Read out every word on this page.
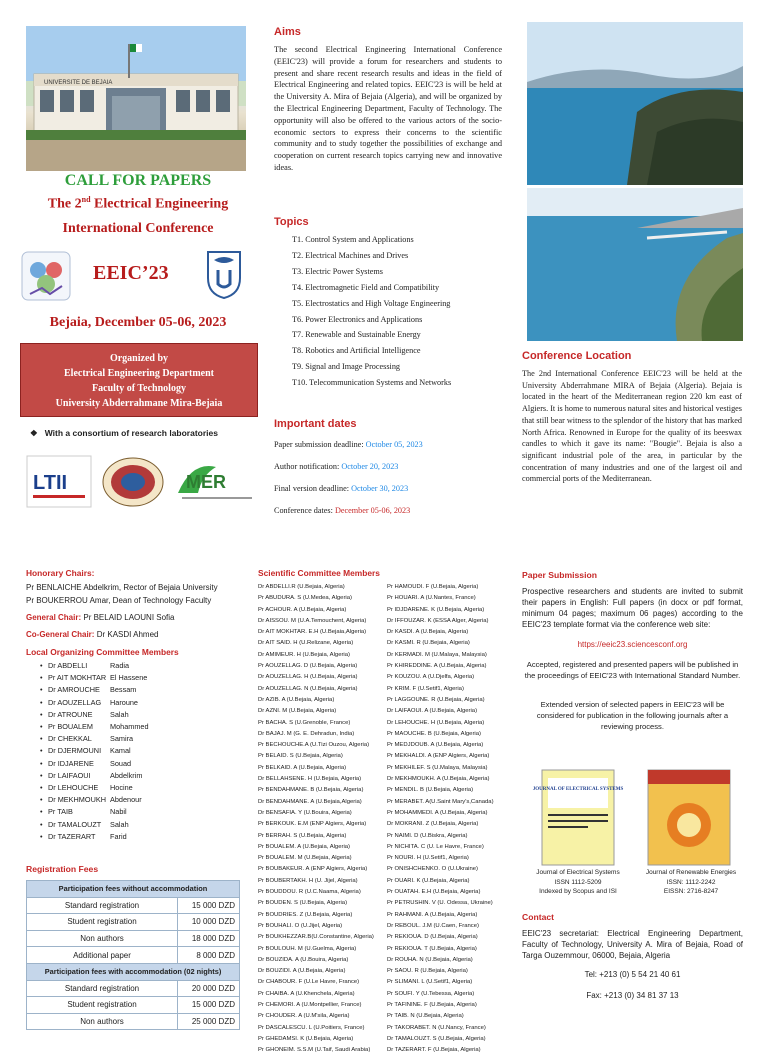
UNIVERSITE DE BEJAIA
CALL FOR PAPERS
The 2nd Electrical Engineering
International Conference
EEIC’23
Bejaia, December 05-06, 2023
Organized by
Electrical Engineering Department
Faculty of Technology
University Abderrahmane Mira-Bejaia
❖ With a consortium of research laboratories
LTII	MER
Aims

The second Electrical Engineering International Conference (EEIC'23) will provide a forum for researchers and students to present and share recent research results and ideas in the field of Electrical Engineering and related topics. EEIC'23 is will be held at the University A. Mira of Bejaia (Algeria), and will be organized by the Electrical Engineering Department, Faculty of Technology. The opportunity will also be offered to the various actors of the socio-economic sectors to express their concerns to the scientific community and to study together the possibilities of exchange and cooperation on current research topics carrying new and innovative ideas.

Topics
T1. Control System and Applications
T2. Electrical Machines and Drives
T3. Electric Power Systems
T4. Electromagnetic Field and Compatibility
T5. Electrostatics and High Voltage Engineering
T6. Power Electronics and Applications
T7. Renewable and Sustainable Energy
T8. Robotics and Artificial Intelligence
T9. Signal and Image Processing
T10. Telecommunication Systems and Networks
Important dates
Paper submission deadline: October 05, 2023
Author notification: October 20, 2023
Final version deadline: October 30, 2023
Conference dates: December 05-06, 2023
Conference Location

The 2nd International Conference EEIC'23 will be held at the University Abderrahmane MIRA of Bejaia (Algeria). Bejaia is located in the heart of the Mediterranean region 220 km east of Algiers. It is home to numerous natural sites and historical vestiges that still bear witness to the splendor of the history that has marked North Africa. Renowned in Europe for the quality of its beeswax candles to which it gave its name: "Bougie". Bejaia is also a significant industrial pole of the area, in particular by the concentration of many industries and one of the largest oil and commercial ports of the Mediterranean.

Honorary Chairs:
Pr BENLAICHE Abdelkrim, Rector of Bejaia University
Pr BOUKERROU Amar, Dean of Technology Faculty
General Chair: Pr BELAID LAOUNI Sofia
Co-General Chair: Dr KASDI Ahmed
Local Organizing Committee Members
• Dr ABDELLI	Radia
• Pr AIT MOKHTAR El Hassene
• Dr AMROUCHE Bessam
• Dr AOUZELLAG Haroune
• Dr ATROUNE Salah
• Pr BOUALEM Mohammed
• Dr CHEKKAL Samira
• Dr DJERMOUNI Kamal
• Dr IDJARENE Souad
• Dr LAIFAOUI	Abdelkrim
• Dr LEHOUCHE Hocine
• Dr MEKHMOUKH Abdenour
• Pr TAIB	Nabil
• Dr TAMALOUZT Salah
• Dr TAZERART Farid
Registration Fees
Participation fees without accommodation	
Standard registration	15 000 DZD
Student registration	10 000 DZD
Non authors	18 000 DZD
Additional paper	8 000 DZD
Participation fees with accommodation (02 nights)	
Standard registration	20 000 DZD
Student registration	15 000 DZD
Non authors	25 000 DZD
Scientific Committee Members
Dr ABDELLI.R (U.Bejaia, Algeria)
Pr ABUDURA. S (U.Medea, Algeria)
Pr ACHOUR. A (U.Bejaia, Algeria)
Dr AISSOU. M (U.A.Temouchent, Algeria)
Dr AIT MOKHTAR. E.H (U.Bejaia,Algeria)
Dr AIT SAID. H (U.Relizane, Algeria)
Dr AMIMEUR. H (U.Bejaia, Algeria)
Pr AOUZELLAG. D (U.Bejaia, Algeria)
Dr AOUZELLAG. H (U.Bejaia, Algeria)
Dr AOUZELLAG. N (U.Bejaia, Algeria)
Dr AZIB. A (U.Bejaia, Algeria)
Dr AZNI. M (U.Bejaia, Algeria)
Pr BACHA. S (U.Grenoble, France)
Dr BAJAJ. M (G. E. Dehradun, India)
Pr BECHOUCHE.A (U.Tizi Ouzou, Algeria)
Pr BELAID. S (U.Bejaia, Algeria)
Pr BELKAID. A (U.Bejaia, Algeria)
Dr BELLAHSENE. H (U.Bejaia, Algeria)
Pr BENDAHMANE. B (U.Bejaia, Algeria)
Dr BENDAHMANE. A (U.Bejaia,Algeria)
Dr BENSAFIA. Y (U.Bouira, Algeria)
Pr BERKOUK. E.M (ENP Algiers, Algeria)
Pr BERRAH. S (U.Bejaia, Algeria)
Pr BOUALEM. A (U.Bejaia, Algeria)
Pr BOUALEM. M (U.Bejaia, Algeria)
Pr BOUBAKEUR. A (ENP Algiers, Algeria)
Pr BOUBERTAKH. H (U. Jijel, Algeria)
Pr BOUDDOU. R (U.C.Naama, Algeria)
Pr BOUDEN. S (U.Bejaia, Algeria)
Pr BOUDRIES. Z (U.Bejaia, Algeria)
Pr BOUHALI. O (U.Jijel, Algeria)
Pr BOUKHEZZAR.B(U.Constantine, Algeria)
Pr BOULOUH. M (U.Guelma, Algeria)
Dr BOUZIDA. A (U.Bouira, Algeria)
Dr BOUZIDI. A (U.Bejaia, Algeria)
Dr CHABOUR. F (U.Le Havre, France)
Pr CHAIBA. A (U.Khenchela, Algeria)
Pr CHEMORI. A (U.Montpellier, France)
Pr CHOUDER. A (U.M'sila, Algeria)
Pr DASCALESCU. L (U.Poitiers, France)
Pr GHEDAMSI. K (U.Bejaia, Algeria)
Pr GHONEIM. S.S.M (U.Taif, Saudi Arabia)
Pr HAMOUDI. F (U.Bejaia, Algeria)
Pr HOUARI. A (U.Nantes, France)
Pr IDJDARENE. K (U.Bejaia, Algeria)
Dr IFFOUZAR. K (ESSA Alger, Algeria)
Dr KASDI. A (U.Bejaia, Algeria)
Dr KASMI. R (U.Bejaia, Algeria)
Dr KERMADI. M (U.Malaya, Malaysia)
Pr KHIREDDINE. A (U.Bejaia, Algeria)
Pr KOUZOU. A (U.Djelfa, Algeria)
Pr KRIM. F (U.Setif1, Algeria)
Pr LAGGOUNE. R (U.Bejaia, Algeria)
Dr LAIFAOUI. A (U.Bejaia, Algeria)
Dr LEHOUCHE. H (U.Bejaia, Algeria)
Pr MAOUCHE. B (U.Bejaia, Algeria)
Pr MEDJDOUB. A (U.Bejaia, Algeria)
Pr MEKHALDI. A (ENP Algiers, Algeria)
Pr MEKHILEF. S (U.Malaya, Malaysia)
Dr MEKHMOUKH. A (U.Bejaia, Algeria)
Pr MENDIL. B (U.Bejaia, Algeria)
Pr MERABET. A(U.Saint Mary's,Canada)
Pr MOHAMMEDI. A (U.Bejaia, Algeria)
Dr MOKRANI. Z (U.Bejaia, Algeria)
Pr NAIMI. D (U.Biskra, Algeria)
Pr NICHITA. C (U. Le Havre, France)
Pr NOURI. H (U.Setif1, Algeria)
Pr ONISHCHENKO. O (U.Ukraine)
Pr OUARI. K (U.Bejaia, Algeria)
Pr OUATAH. E.H (U.Bejaia, Algeria)
Pr PETRUSHIN. V (U. Odessa, Ukraine)
Pr RAHMANI. A (U.Bejaia, Algeria)
Dr REBOUL. J.M (U.Caen, France)
Pr REKIOUA. D (U.Bejaia, Algeria)
Pr REKIOUA. T (U.Bejaia, Algeria)
Dr ROUHA. N (U.Bejaia, Algeria)
Pr SAOU. R (U.Bejaia, Algeria)
Pr SLIMANI. L (U.Setif1, Algeria)
Pr SOUFI. Y (U.Tebessa, Algeria)
Pr TAFININE. F (U.Bejaia, Algeria)
Pr TAIB. N (U.Bejaia, Algeria)
Pr TAKORABET. N (U.Nancy, France)
Dr TAMALOUZT. S (U.Bejaia, Algeria)
Dr TAZERART. F (U.Bejaia, Algeria)
Paper Submission

Prospective researchers and students are invited to submit their papers in English: Full papers (in docx or pdf format, minimum 04 pages; maximum 06 pages) according to the EEIC'23 template format via the conference web site:

https://eeic23.sciencesconf.org
Accepted, registered and presented papers will be published in the proceedings of EEIC'23 with International Standard Number.
Extended version of selected papers in EEIC'23 will be considered for publication in the following journals after a reviewing process.
JOURNAL OF ELECTRICAL SYSTEMS
Journal of Electrical Systems
ISSN 1112-5209
Indexed by Scopus and ISI
Journal of Renewable Energies
ISSN: 1112-2242
EISSN: 2716-8247
Contact

EEIC'23 secretariat: Electrical Engineering Department, Faculty of Technology, University A. Mira of Bejaia, Road of Targa Ouzemmour, 06000, Bejaia, Algeria

Tel: +213 (0) 5 54 21 40 61
Fax: +213 (0) 34 81 37 13
